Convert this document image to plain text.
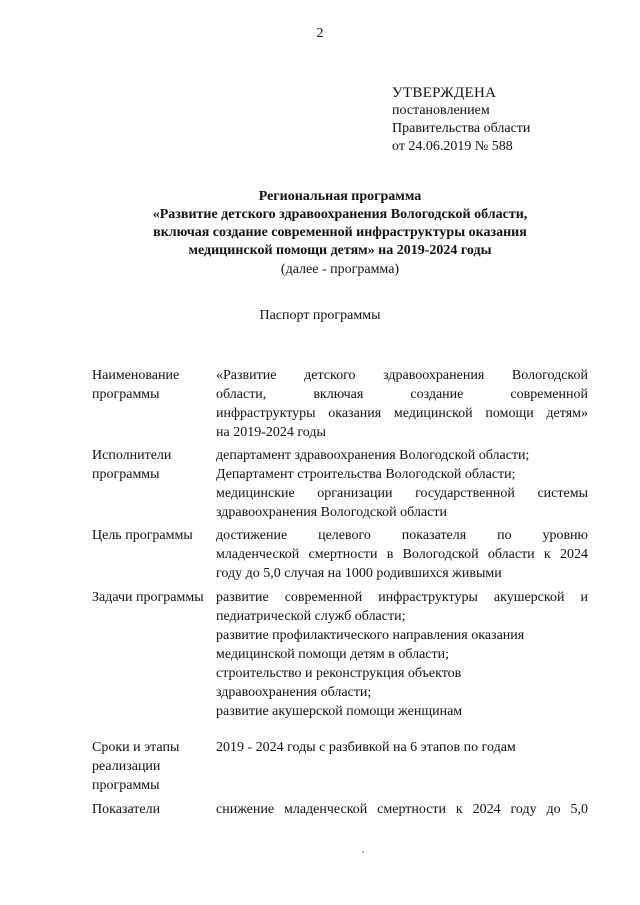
2
УТВЕРЖДЕНА
постановлением
Правительства области
от 24.06.2019 № 588
Региональная программа
«Развитие детского здравоохранения Вологодской области,
включая создание современной инфраструктуры оказания
медицинской помощи детям» на 2019-2024 годы
(далее - программа)
Паспорт программы
Наименование программы

«Развитие детского здравоохранения Вологодской

области, включая создание современной

инфраструктуры оказания медицинской помощи детям»

на 2019-2024 годы

Исполнители программы

департамент здравоохранения Вологодской области;

Департамент строительства Вологодской области;

медицинские организации государственной системы

здравоохранения Вологодской области

Цель программы	достижение целевого показателя по уровню

младенческой смертности в Вологодской области к 2024

году до 5,0 случая на 1000 родившихся живыми

Задачи программы развитие современной инфраструктуры акушерской и

педиатрической служб области;

развитие профилактического направления оказания

медицинской помощи детям в области;

строительство и реконструкция объектов

здравоохранения области;

развитие акушерской помощи женщинам

Сроки и этапы реализации программы

2019 - 2024 годы с разбивкой на 6 этапов по годам

Показатели	снижение младенческой смертности к 2024 году до 5,0
